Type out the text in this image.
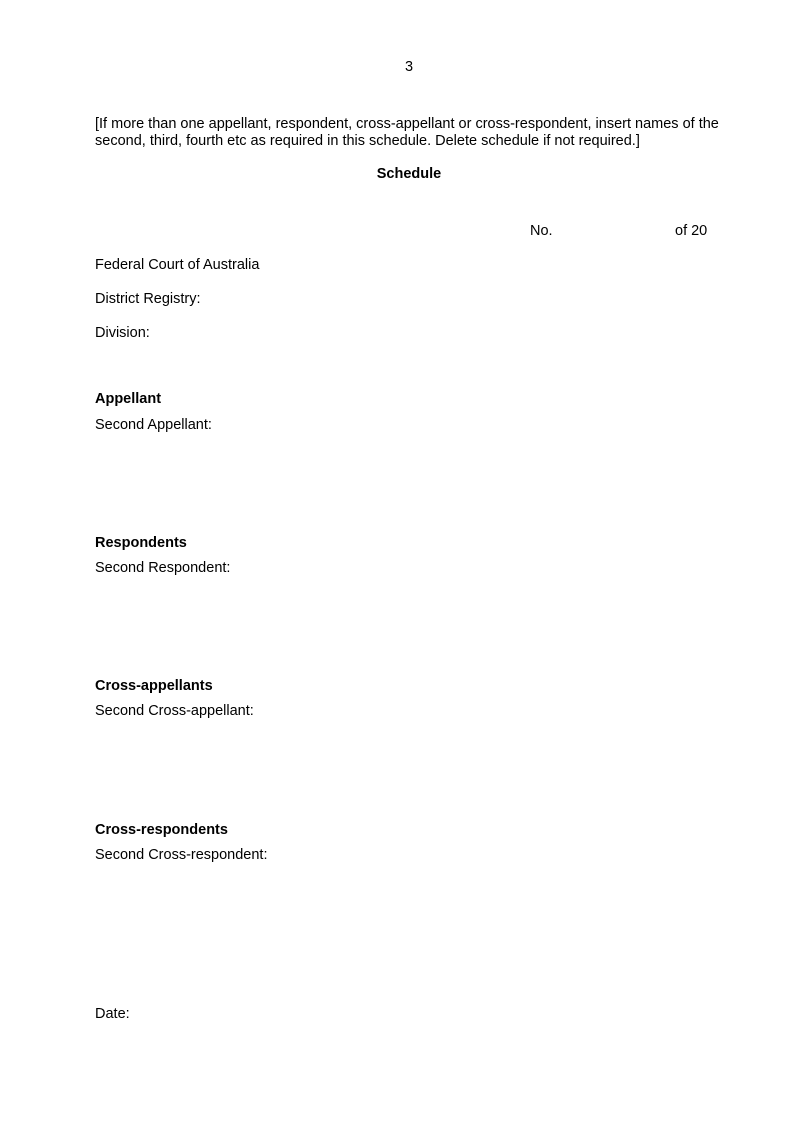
3
[If more than one appellant, respondent, cross-appellant or cross-respondent, insert names of the second, third, fourth etc as required in this schedule. Delete schedule if not required.]
Schedule
No.	of 20
Federal Court of Australia
District Registry:
Division:
Appellant
Second Appellant:
Respondents
Second Respondent:
Cross-appellants
Second Cross-appellant:
Cross-respondents
Second Cross-respondent:
Date:
